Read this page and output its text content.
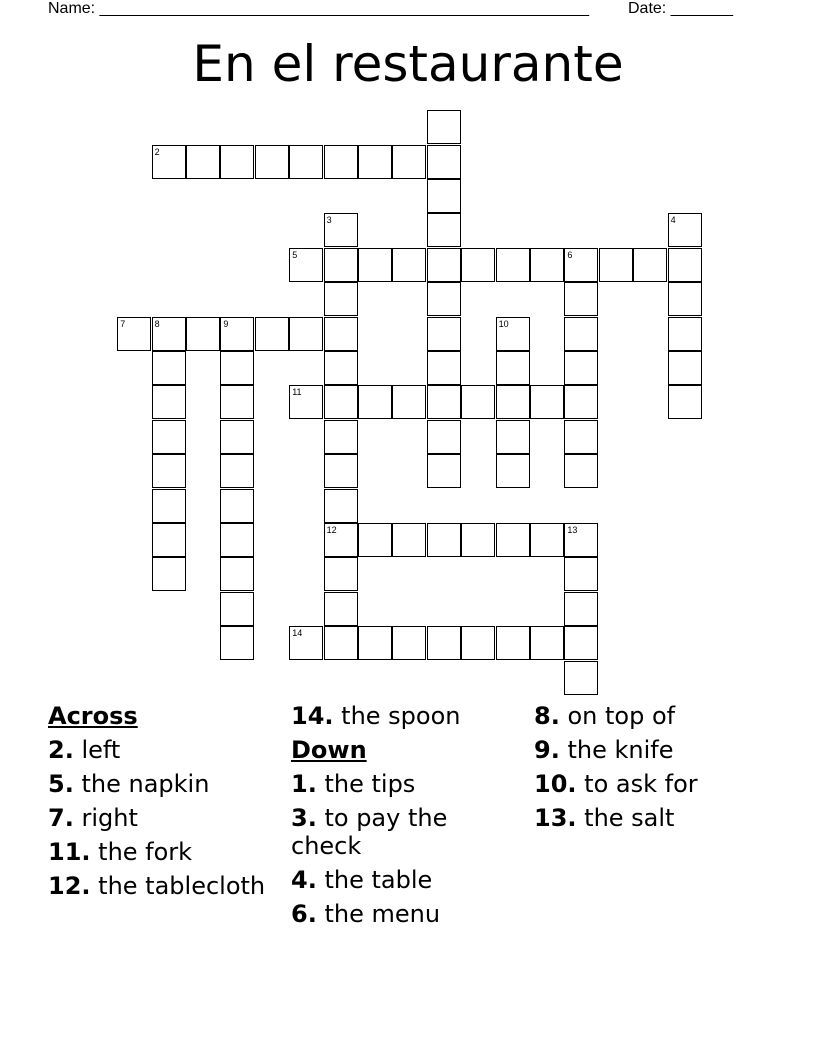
Name: _______________________________________________________ Date: _______
En el restaurante
2
3	4
5	6
7	8	9	10
11
12	13
14
Across
2. left
5. the napkin
7. right
11. the fork
12. the tablecloth
14. the spoon
Down
1. the tips
3. to pay the check
4. the table
6. the menu
8. on top of
9. the knife
10. to ask for
13. the salt
